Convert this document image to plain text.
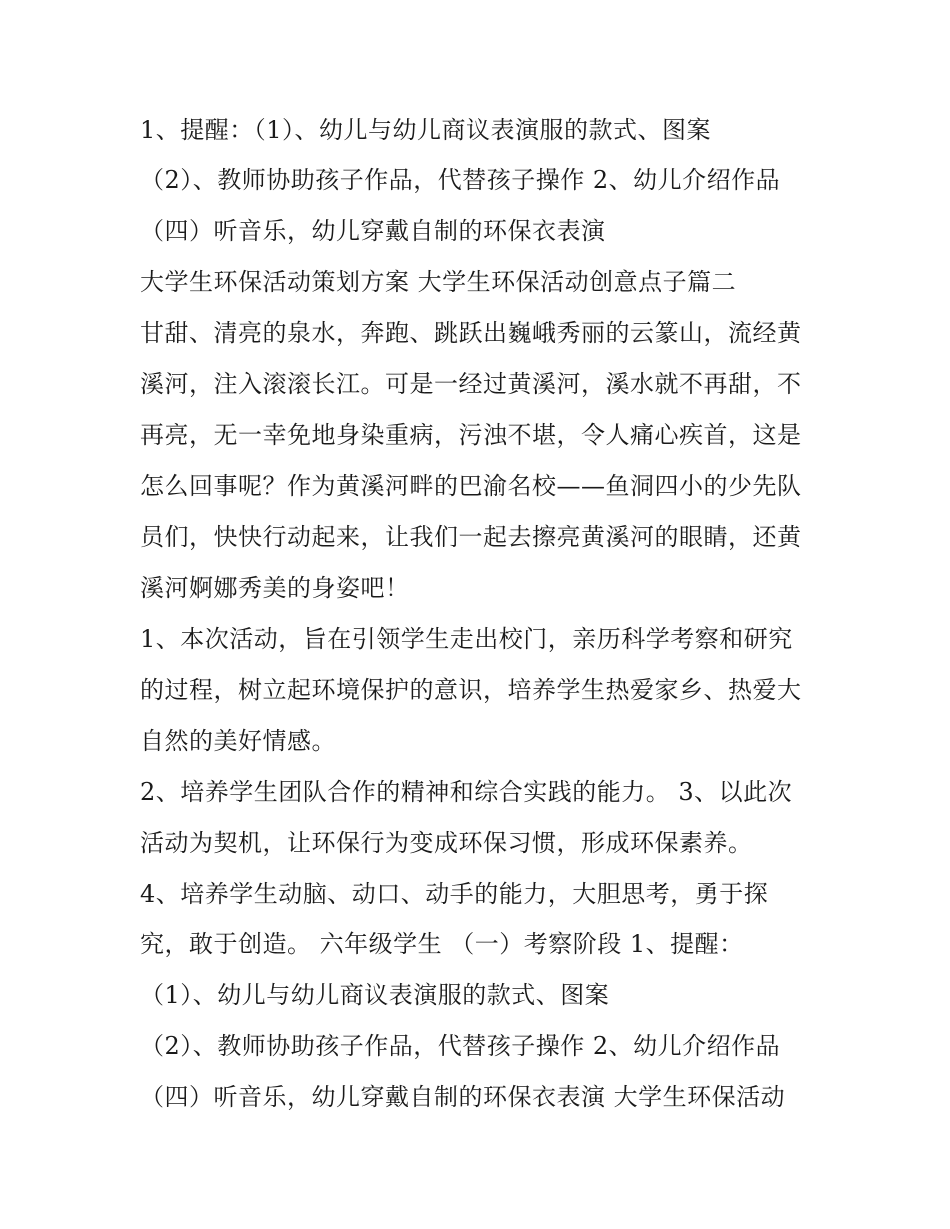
1、提醒：（1）、幼儿与幼儿商议表演服的款式、图案
（2）、教师协助孩子作品，代替孩子操作 2、幼儿介绍作品
（四）听音乐，幼儿穿戴自制的环保衣表演
大学生环保活动策划方案 大学生环保活动创意点子篇二
甘甜、清亮的泉水，奔跑、跳跃出巍峨秀丽的云篆山，流经黄
溪河，注入滚滚长江。可是一经过黄溪河，溪水就不再甜，不
再亮，无一幸免地身染重病，污浊不堪，令人痛心疾首，这是
怎么回事呢？作为黄溪河畔的巴渝名校——鱼洞四小的少先队
员们，快快行动起来，让我们一起去擦亮黄溪河的眼睛，还黄
溪河婀娜秀美的身姿吧！
1、本次活动，旨在引领学生走出校门，亲历科学考察和研究
的过程，树立起环境保护的意识，培养学生热爱家乡、热爱大
自然的美好情感。
2、培养学生团队合作的精神和综合实践的能力。 3、以此次
活动为契机，让环保行为变成环保习惯，形成环保素养。
4、培养学生动脑、动口、动手的能力，大胆思考，勇于探
究，敢于创造。 六年级学生 （一）考察阶段 1、提醒：
（1）、幼儿与幼儿商议表演服的款式、图案
（2）、教师协助孩子作品，代替孩子操作 2、幼儿介绍作品
（四）听音乐，幼儿穿戴自制的环保衣表演 大学生环保活动
